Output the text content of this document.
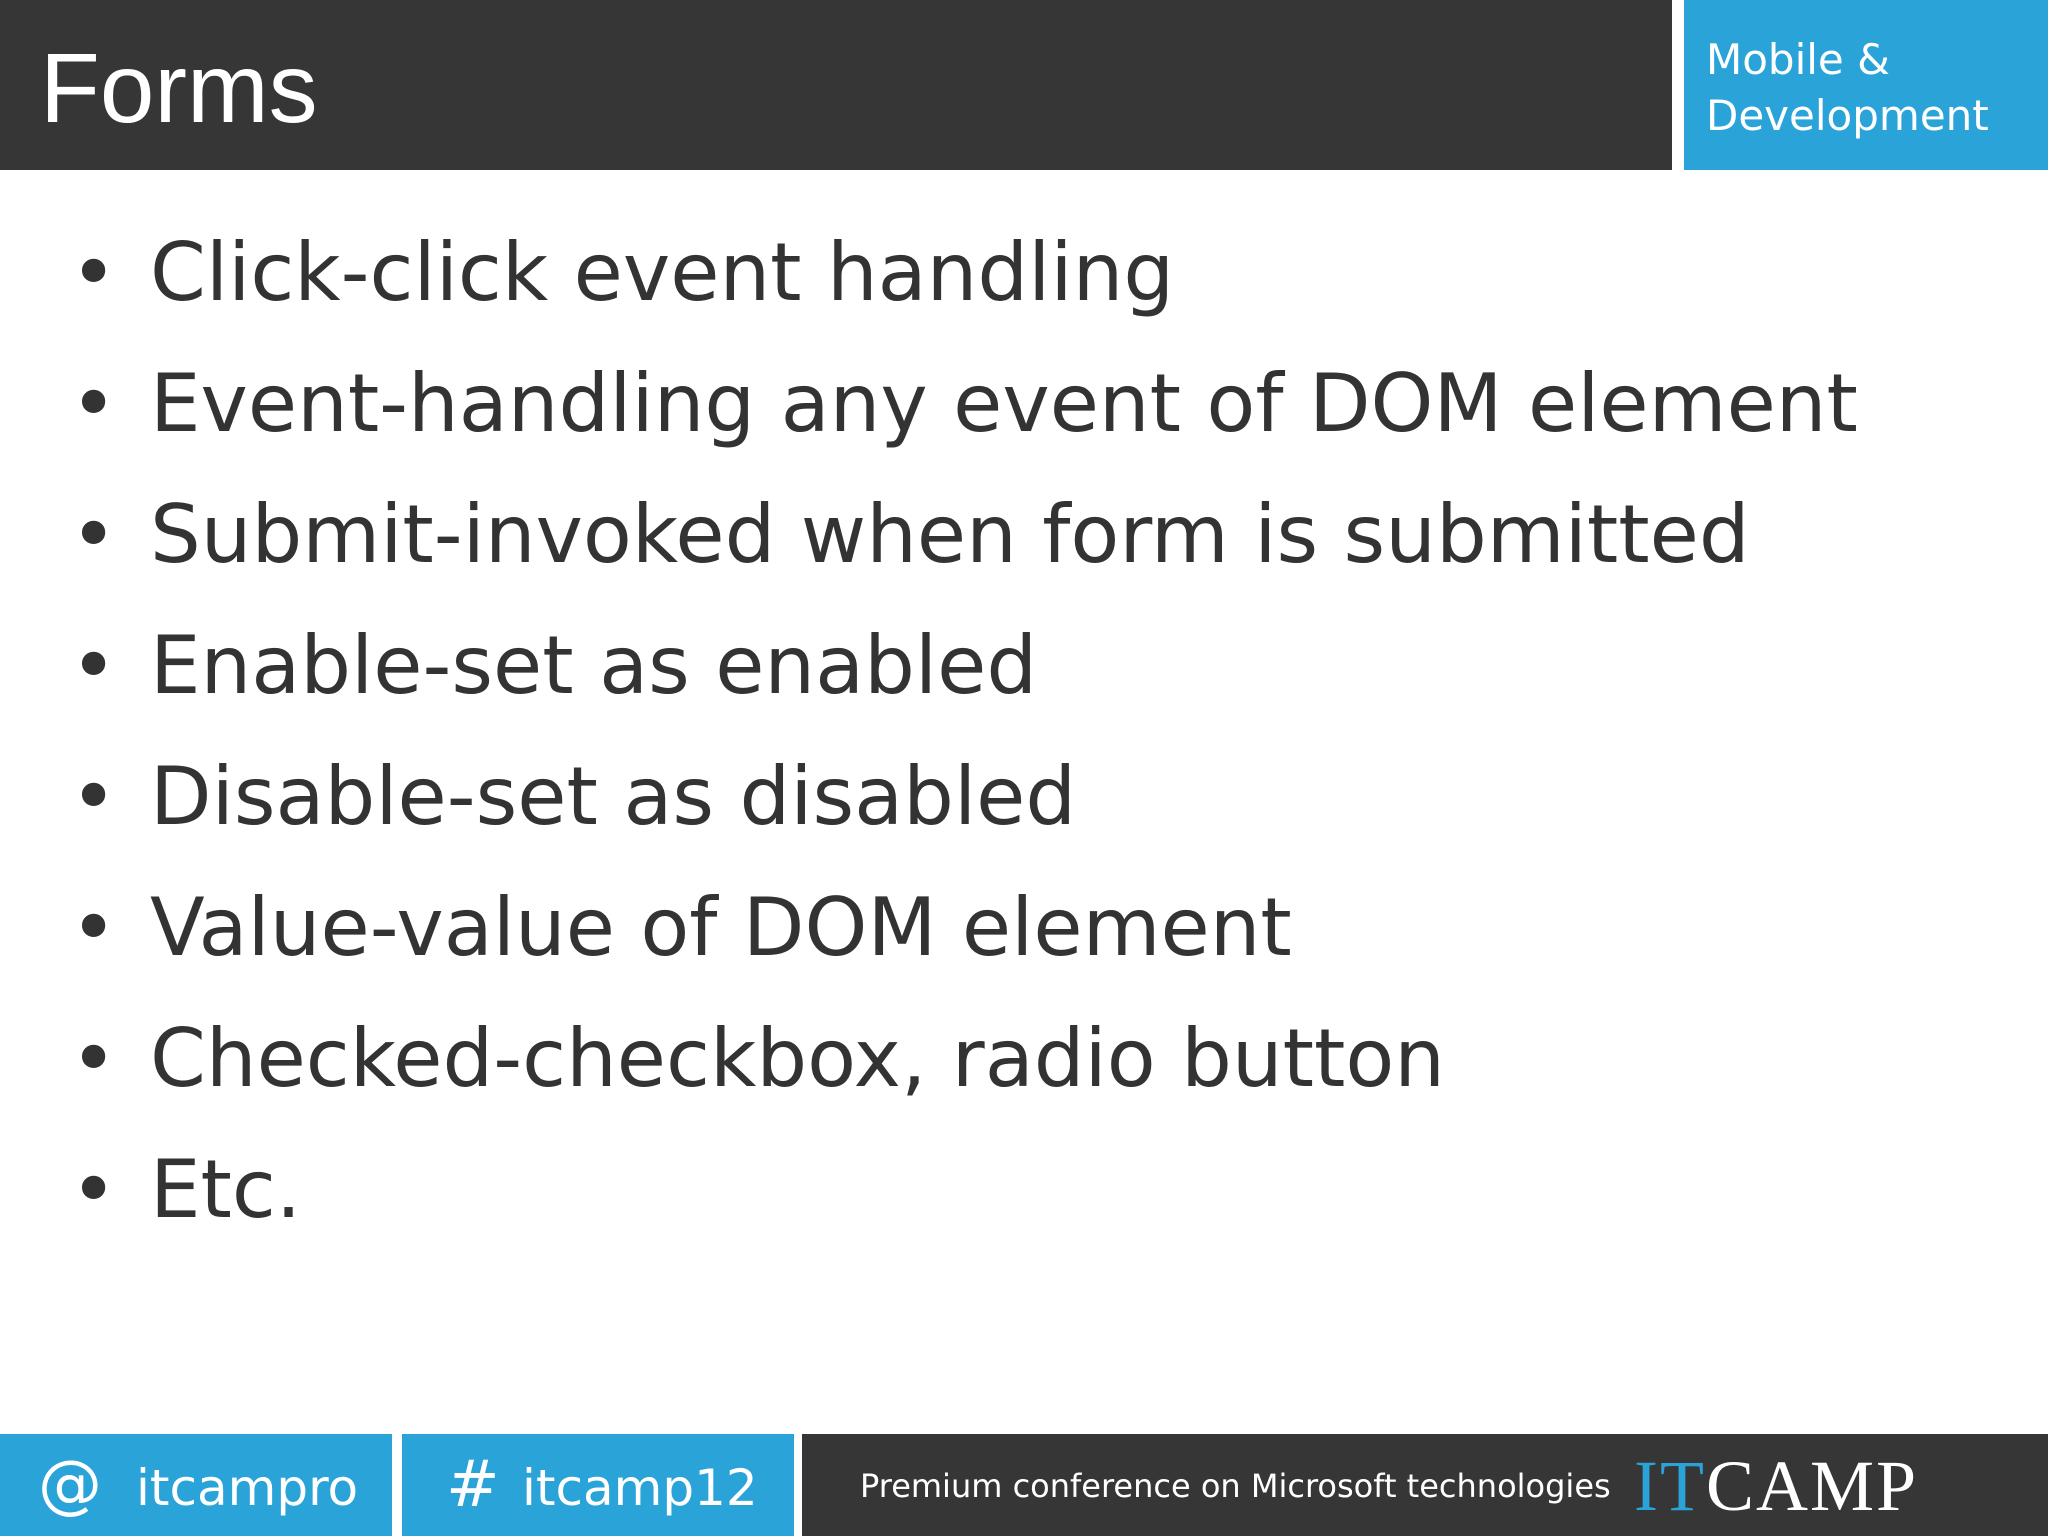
Forms	Mobile &
Development
• Click-click event handling
• Event-handling any event of DOM element
• Submit-invoked when form is submitted
• Enable-set as enabled
• Disable-set as disabled
• Value-value of DOM element
• Checked-checkbox, radio button
• Etc.
@ itcampro # itcamp12	Premium conference on Microsoft technologies ITCAMP
